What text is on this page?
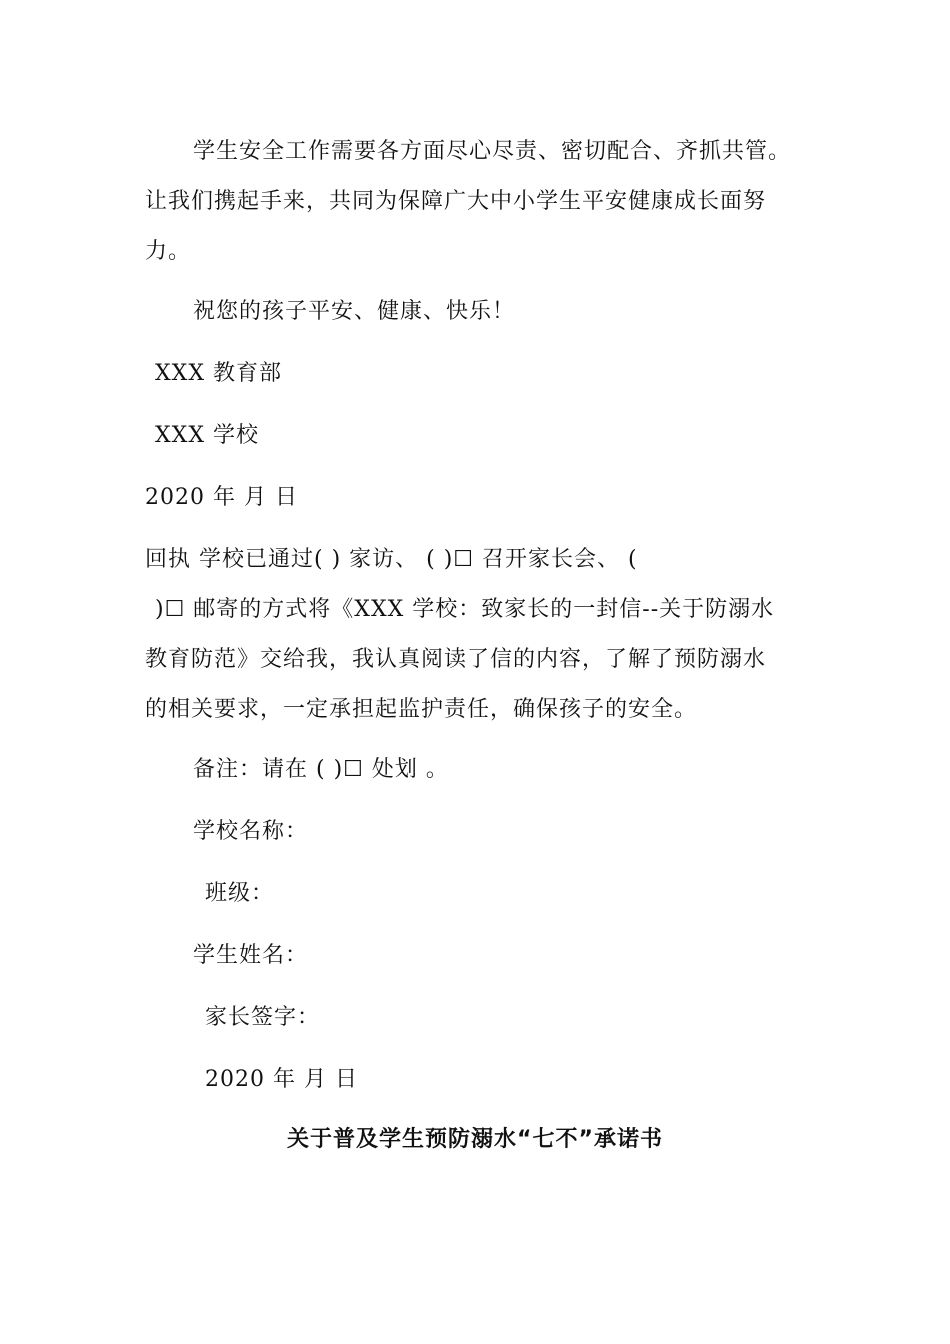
学生安全工作需要各方面尽心尽责、密切配合、齐抓共管。
让我们携起手来，共同为保障广大中小学生平安健康成长面努
力。
祝您的孩子平安、健康、快乐！
XXX 教育部
XXX 学校
2020 年 月 日
回执 学校已通过( ) 家访、 ( )☐ 召开家长会、 (
)☐ 邮寄的方式将《XXX 学校：致家长的一封信--关于防溺水
教育防范》交给我，我认真阅读了信的内容，了解了预防溺水
的相关要求，一定承担起监护责任，确保孩子的安全。
备注：请在 ( )☐ 处划 。
学校名称：
班级：
学生姓名：
家长签字：
2020 年 月 日
关于普及学生预防溺水“七不”承诺书
